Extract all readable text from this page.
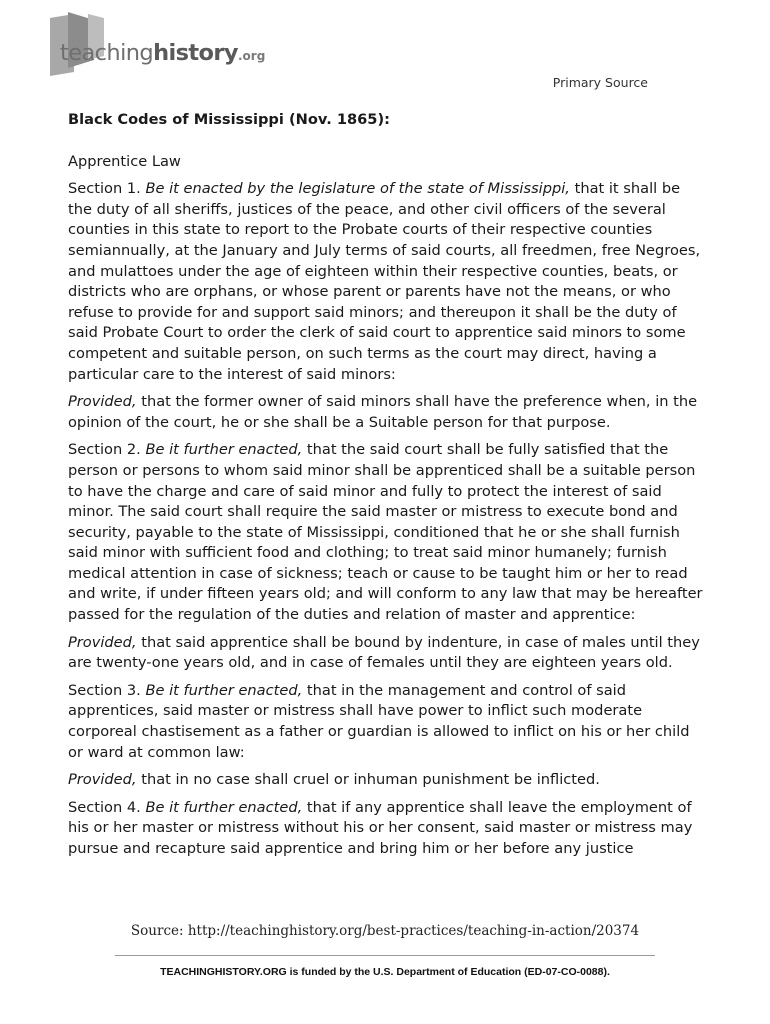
teachinghistory.org
Primary Source
Black Codes of Mississippi (Nov. 1865):
Apprentice Law

Section 1. Be it enacted by the legislature of the state of Mississippi, that it shall be the duty of all sheriffs, justices of the peace, and other civil officers of the several counties in this state to report to the Probate courts of their respective counties semiannually, at the January and July terms of said courts, all freedmen, free Negroes, and mulattoes under the age of eighteen within their respective counties, beats, or districts who are orphans, or whose parent or parents have not the means, or who refuse to provide for and support said minors; and thereupon it shall be the duty of said Probate Court to order the clerk of said court to apprentice said minors to some competent and suitable person, on such terms as the court may direct, having a particular care to the interest of said minors:

Provided, that the former owner of said minors shall have the preference when, in the opinion of the court, he or she shall be a Suitable person for that purpose.

Section 2. Be it further enacted, that the said court shall be fully satisfied that the person or persons to whom said minor shall be apprenticed shall be a suitable person to have the charge and care of said minor and fully to protect the interest of said minor. The said court shall require the said master or mistress to execute bond and security, payable to the state of Mississippi, conditioned that he or she shall furnish said minor with sufficient food and clothing; to treat said minor humanely; furnish medical attention in case of sickness; teach or cause to be taught him or her to read and write, if under fifteen years old; and will conform to any law that may be hereafter passed for the regulation of the duties and relation of master and apprentice:

Provided, that said apprentice shall be bound by indenture, in case of males until they are twenty-one years old, and in case of females until they are eighteen years old.

Section 3. Be it further enacted, that in the management and control of said apprentices, said master or mistress shall have power to inflict such moderate corporeal chastisement as a father or guardian is allowed to inflict on his or her child or ward at common law:

Provided, that in no case shall cruel or inhuman punishment be inflicted.

Section 4. Be it further enacted, that if any apprentice shall leave the employment of his or her master or mistress without his or her consent, said master or mistress may pursue and recapture said apprentice and bring him or her before any justice

Source: http://teachinghistory.org/best-practices/teaching-in-action/20374
TEACHINGHISTORY.ORG is funded by the U.S. Department of Education (ED-07-CO-0088).
